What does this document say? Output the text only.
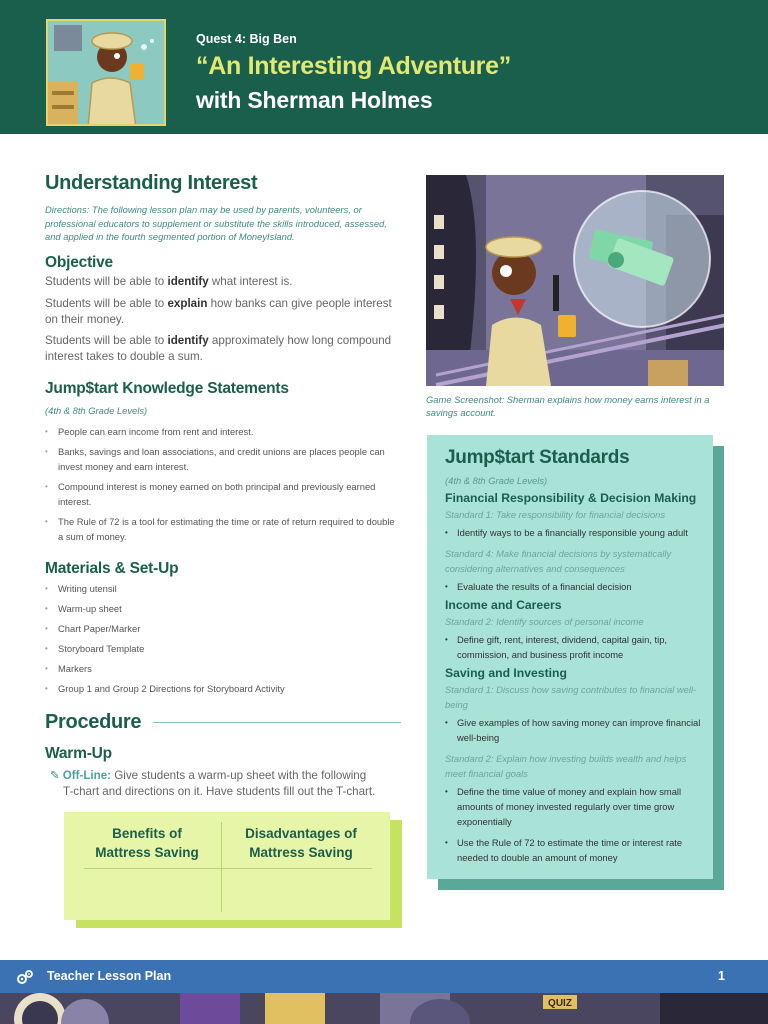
Quest 4: Big Ben
“An Interesting Adventure”
with Sherman Holmes
Understanding Interest
Directions: The following lesson plan may be used by parents, volunteers, or professional educators to supplement or substitute the skills introduced, assessed, and applied in the fourth segmented portion of MoneyIsland.
Objective
Students will be able to identify what interest is.
Students will be able to explain how banks can give people interest on their money.
Students will be able to identify approximately how long compound interest takes to double a sum.
Jump$tart Knowledge Statements
(4th & 8th Grade Levels)
• People can earn income from rent and interest.
• Banks, savings and loan associations, and credit unions are places people can invest money and earn interest.
• Compound interest is money earned on both principal and previously earned interest.
• The Rule of 72 is a tool for estimating the time or rate of return required to double a sum of money.
Materials & Set-Up
• Writing utensil
• Warm-up sheet
• Chart Paper/Marker
• Storyboard Template
• Markers
• Group 1 and Group 2 Directions for Storyboard Activity
Procedure
Warm-Up
✎ Off-Line: Give students a warm-up sheet with the following
T-chart and directions on it. Have students fill out the T-chart.
Benefits of
Mattress Saving
Disadvantages of
Mattress Saving
Game Screenshot: Sherman explains how money earns interest in a savings account.
Jump$tart Standards
(4th & 8th Grade Levels)
Financial Responsibility & Decision Making
Standard 1: Take responsibility for financial decisions
• Identify ways to be a financially responsible young adult
Standard 4: Make financial decisions by systematically considering alternatives and consequences
• Evaluate the results of a financial decision
Income and Careers
Standard 2: Identify sources of personal income
• Define gift, rent, interest, dividend, capital gain, tip, commission, and business profit income
Saving and Investing
Standard 1: Discuss how saving contributes to financial well-being
• Give examples of how saving money can improve financial well-being
Standard 2: Explain how investing builds wealth and helps meet financial goals
• Define the time value of money and explain how small amounts of money invested regularly over time grow exponentially
• Use the Rule of 72 to estimate the time or interest rate needed to double an amount of money
Teacher Lesson Plan	1
QUIZ
